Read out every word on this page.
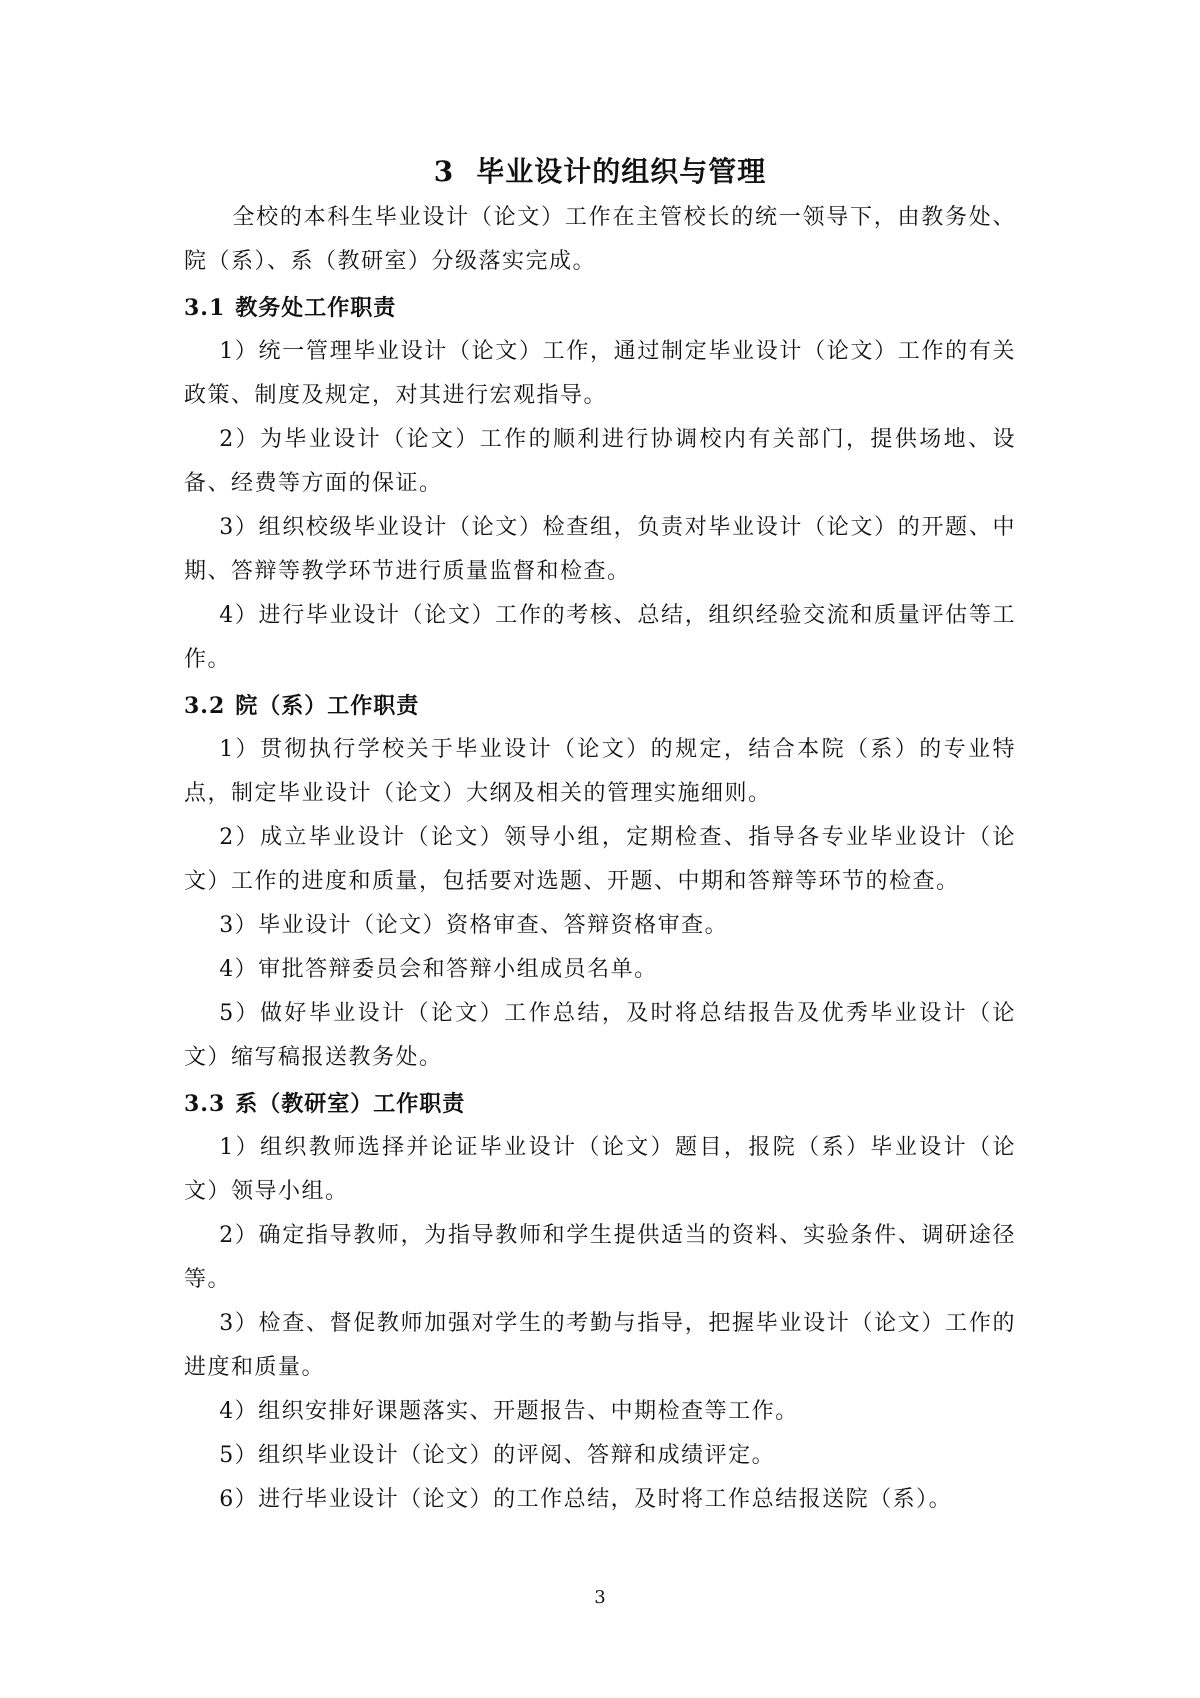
3 毕业设计的组织与管理

全校的本科生毕业设计（论文）工作在主管校长的统一领导下，由教务处、院（系）、系（教研室）分级落实完成。

3.1 教务处工作职责

1）统一管理毕业设计（论文）工作，通过制定毕业设计（论文）工作的有关政策、制度及规定，对其进行宏观指导。

2）为毕业设计（论文）工作的顺利进行协调校内有关部门，提供场地、设备、经费等方面的保证。

3）组织校级毕业设计（论文）检查组，负责对毕业设计（论文）的开题、中期、答辩等教学环节进行质量监督和检查。

4）进行毕业设计（论文）工作的考核、总结，组织经验交流和质量评估等工作。

3.2 院（系）工作职责

1）贯彻执行学校关于毕业设计（论文）的规定，结合本院（系）的专业特点，制定毕业设计（论文）大纲及相关的管理实施细则。

2）成立毕业设计（论文）领导小组，定期检查、指导各专业毕业设计（论文）工作的进度和质量，包括要对选题、开题、中期和答辩等环节的检查。

3）毕业设计（论文）资格审查、答辩资格审查。

4）审批答辩委员会和答辩小组成员名单。

5）做好毕业设计（论文）工作总结，及时将总结报告及优秀毕业设计（论文）缩写稿报送教务处。

3.3 系（教研室）工作职责

1）组织教师选择并论证毕业设计（论文）题目，报院（系）毕业设计（论文）领导小组。

2）确定指导教师，为指导教师和学生提供适当的资料、实验条件、调研途径等。

3）检查、督促教师加强对学生的考勤与指导，把握毕业设计（论文）工作的进度和质量。

4）组织安排好课题落实、开题报告、中期检查等工作。

5）组织毕业设计（论文）的评阅、答辩和成绩评定。

6）进行毕业设计（论文）的工作总结，及时将工作总结报送院（系）。

3
